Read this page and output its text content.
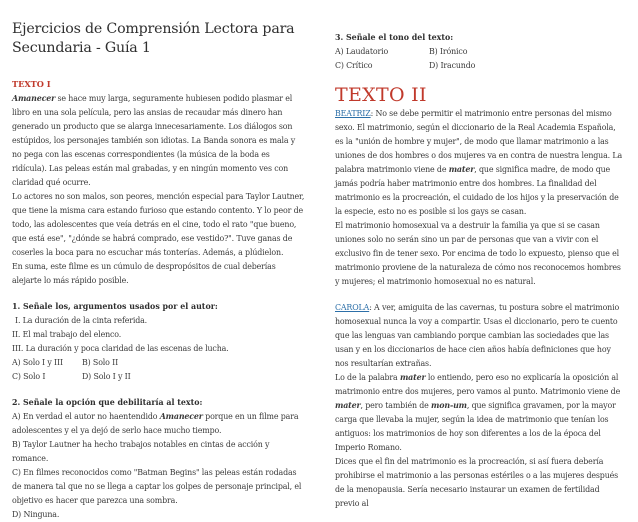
Ejercicios de Comprensión Lectora para Secundaria - Guía 1
TEXTO I

Amanecer se hace muy larga, seguramente hubiesen podido plasmar el libro en una sola película, pero las ansias de recaudar más dinero han generado un producto que se alarga innecesariamente. Los diálogos son estúpidos, los personajes también son idiotas. La Banda sonora es mala y no pega con las escenas correspondientes (la música de la boda es ridícula). Las peleas están mal grabadas, y en ningún momento ves con claridad qué ocurre.

Lo actores no son malos, son peores, mención especial para Taylor Lautner, que tiene la misma cara estando furioso que estando contento. Y lo peor de todo, las adolescentes que veía detrás en el cine, todo el rato "que bueno, que está ese", "¿dónde se habrá comprado, ese vestido?". Tuve ganas de coserles la boca para no escuchar más tonterías. Además, a plúdielon.

En suma, este filme es un cúmulo de despropósitos de cual deberías alejarte lo más rápido posible.

1. Señale los, argumentos usados por el autor:

I. La duración de la cinta referida.

II. El mal trabajo del elenco.

III. La duración y poca claridad de las escenas de lucha.

A) Solo I y III	B) Solo II

C) Solo I	D) Solo I y II

2. Señale la opción que debilitaría al texto:

A) En verdad el autor no haentendido Amanecer porque en un filme para adolescentes y el ya dejó de serlo hace mucho tiempo.

B) Taylor Lautner ha hecho trabajos notables en cintas de acción y romance.

C) En filmes reconocidos como "Batman Begins" las peleas están rodadas de manera tal que no se llega a captar los golpes de personaje principal, el objetivo es hacer que parezca una sombra.

D) Ninguna.

3. Señale el tono del texto:

A) Laudatorio	B) Irónico

C) Crítico	D) Iracundo

TEXTO II

BEATRIZ: No se debe permitir el matrimonio entre personas del mismo sexo. El matrimonio, según el diccionario de la Real Academia Española, es la "unión de hombre y mujer", de modo que llamar matrimonio a las uniones de dos hombres o dos mujeres va en contra de nuestra lengua. La palabra matrimonio viene de mater, que significa madre, de modo que jamás podría haber matrimonio entre dos hombres. La finalidad del matrimonio es la procreación, el cuidado de los hijos y la preservación de la especie, esto no es posible si los gays se casan.

El matrimonio homosexual va a destruir la familia ya que si se casan uniones solo no serán sino un par de personas que van a vivir con el exclusivo fin de tener sexo. Por encima de todo lo expuesto, pienso que el matrimonio proviene de la naturaleza de cómo nos reconocemos hombres y mujeres; el matrimonio homosexual no es natural.

CAROLA: A ver, amiguita de las cavernas, tu postura sobre el matrimonio homosexual nunca la voy a compartir. Usas el diccionario, pero te cuento que las lenguas van cambiando porque cambian las sociedades que las usan y en los diccionarios de hace cien años había definiciones que hoy nos resultarían extrañas.

Lo de la palabra mater lo entiendo, pero eso no explicaría la oposición al matrimonio entre dos mujeres, pero vamos al punto. Matrimonio viene de mater, pero también de mon-um, que significa gravamen, por la mayor carga que llevaba la mujer, según la idea de matrimonio que tenían los antiguos: los matrimonios de hoy son diferentes a los de la época del Imperio Romano.

Dices que el fin del matrimonio es la procreación, si así fuera debería prohibirse el matrimonio a las personas estériles o a las mujeres después de la menopausia. Sería necesario instaurar un examen de fertilidad previo al
